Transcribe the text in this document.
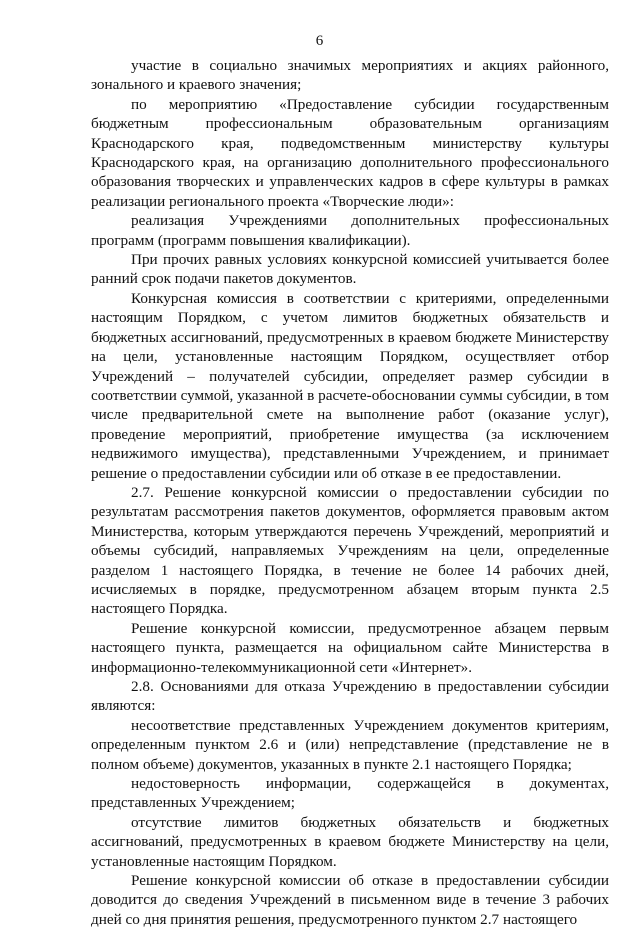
6

участие в социально значимых мероприятиях и акциях районного, зонального и краевого значения;

по мероприятию «Предоставление субсидии государственным бюджетным профессиональным образовательным организациям Краснодарского края, подведомственным министерству культуры Краснодарского края, на организацию дополнительного профессионального образования творческих и управленческих кадров в сфере культуры в рамках реализации регионального проекта «Творческие люди»:

реализация Учреждениями дополнительных профессиональных программ (программ повышения квалификации).

При прочих равных условиях конкурсной комиссией учитывается более ранний срок подачи пакетов документов.

Конкурсная комиссия в соответствии с критериями, определенными настоящим Порядком, с учетом лимитов бюджетных обязательств и бюджетных ассигнований, предусмотренных в краевом бюджете Министерству на цели, установленные настоящим Порядком, осуществляет отбор Учреждений – получателей субсидии, определяет размер субсидии в соответствии суммой, указанной в расчете-обосновании суммы субсидии, в том числе предварительной смете на выполнение работ (оказание услуг), проведение мероприятий, приобретение имущества (за исключением недвижимого имущества), представленными Учреждением, и принимает решение о предоставлении субсидии или об отказе в ее предоставлении.

2.7. Решение конкурсной комиссии о предоставлении субсидии по результатам рассмотрения пакетов документов, оформляется правовым актом Министерства, которым утверждаются перечень Учреждений, мероприятий и объемы субсидий, направляемых Учреждениям на цели, определенные разделом 1 настоящего Порядка, в течение не более 14 рабочих дней, исчисляемых в порядке, предусмотренном абзацем вторым пункта 2.5 настоящего Порядка.

Решение конкурсной комиссии, предусмотренное абзацем первым настоящего пункта, размещается на официальном сайте Министерства в информационно-телекоммуникационной сети «Интернет».

2.8. Основаниями для отказа Учреждению в предоставлении субсидии являются:

несоответствие представленных Учреждением документов критериям, определенным пунктом 2.6 и (или) непредставление (представление не в полном объеме) документов, указанных в пункте 2.1 настоящего Порядка;

недостоверность информации, содержащейся в документах, представленных Учреждением;

отсутствие лимитов бюджетных обязательств и бюджетных ассигнований, предусмотренных в краевом бюджете Министерству на цели, установленные настоящим Порядком.

Решение конкурсной комиссии об отказе в предоставлении субсидии доводится до сведения Учреждений в письменном виде в течение 3 рабочих дней со дня принятия решения, предусмотренного пунктом 2.7 настоящего
